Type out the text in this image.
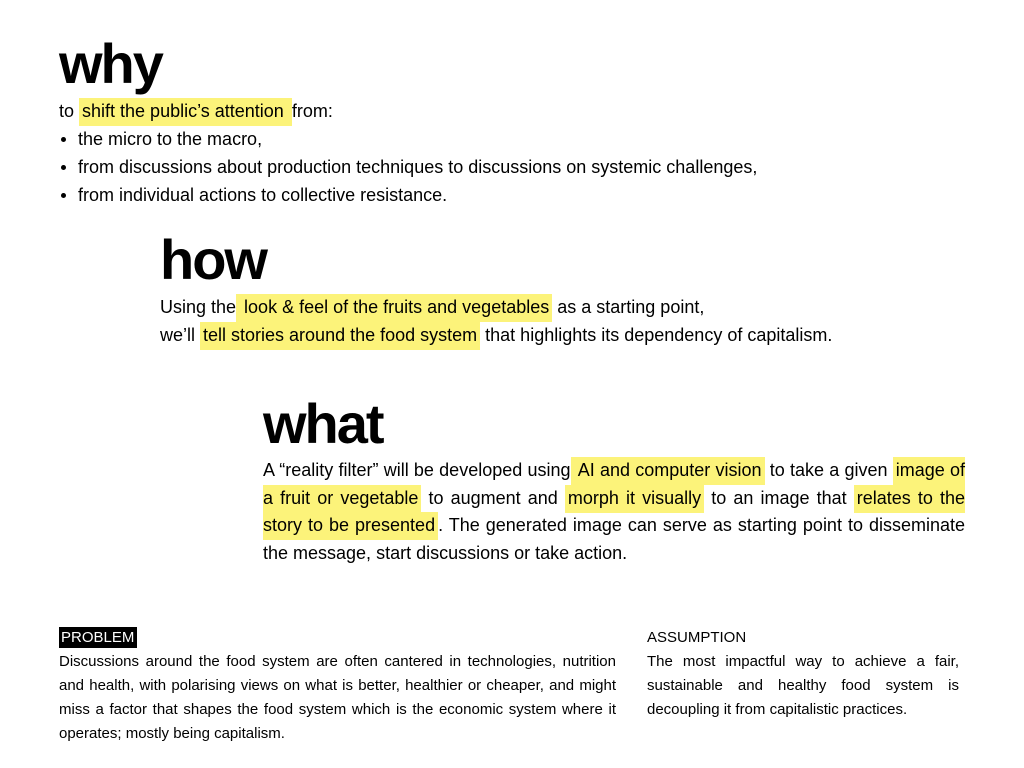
why
to shift the public’s attention from:
the micro to the macro,
from discussions about production techniques to discussions on systemic challenges,
from individual actions to collective resistance.
how
Using the look & feel of the fruits and vegetables as a starting point,
we’ll tell stories around the food system that highlights its dependency of capitalism.
what
A “reality filter” will be developed using AI and computer vision to take a given image of a fruit or vegetable to augment and morph it visually to an image that relates to the story to be presented . The generated image can serve as starting point to disseminate the message, start discussions or take action.
PROBLEM
Discussions around the food system are often cantered in technologies, nutrition and health, with polarising views on what is better, healthier or cheaper, and might miss a factor that shapes the food system which is the economic system where it operates; mostly being capitalism.
ASSUMPTION
The most impactful way to achieve a fair, sustainable and healthy food system is decoupling it from capitalistic practices.
